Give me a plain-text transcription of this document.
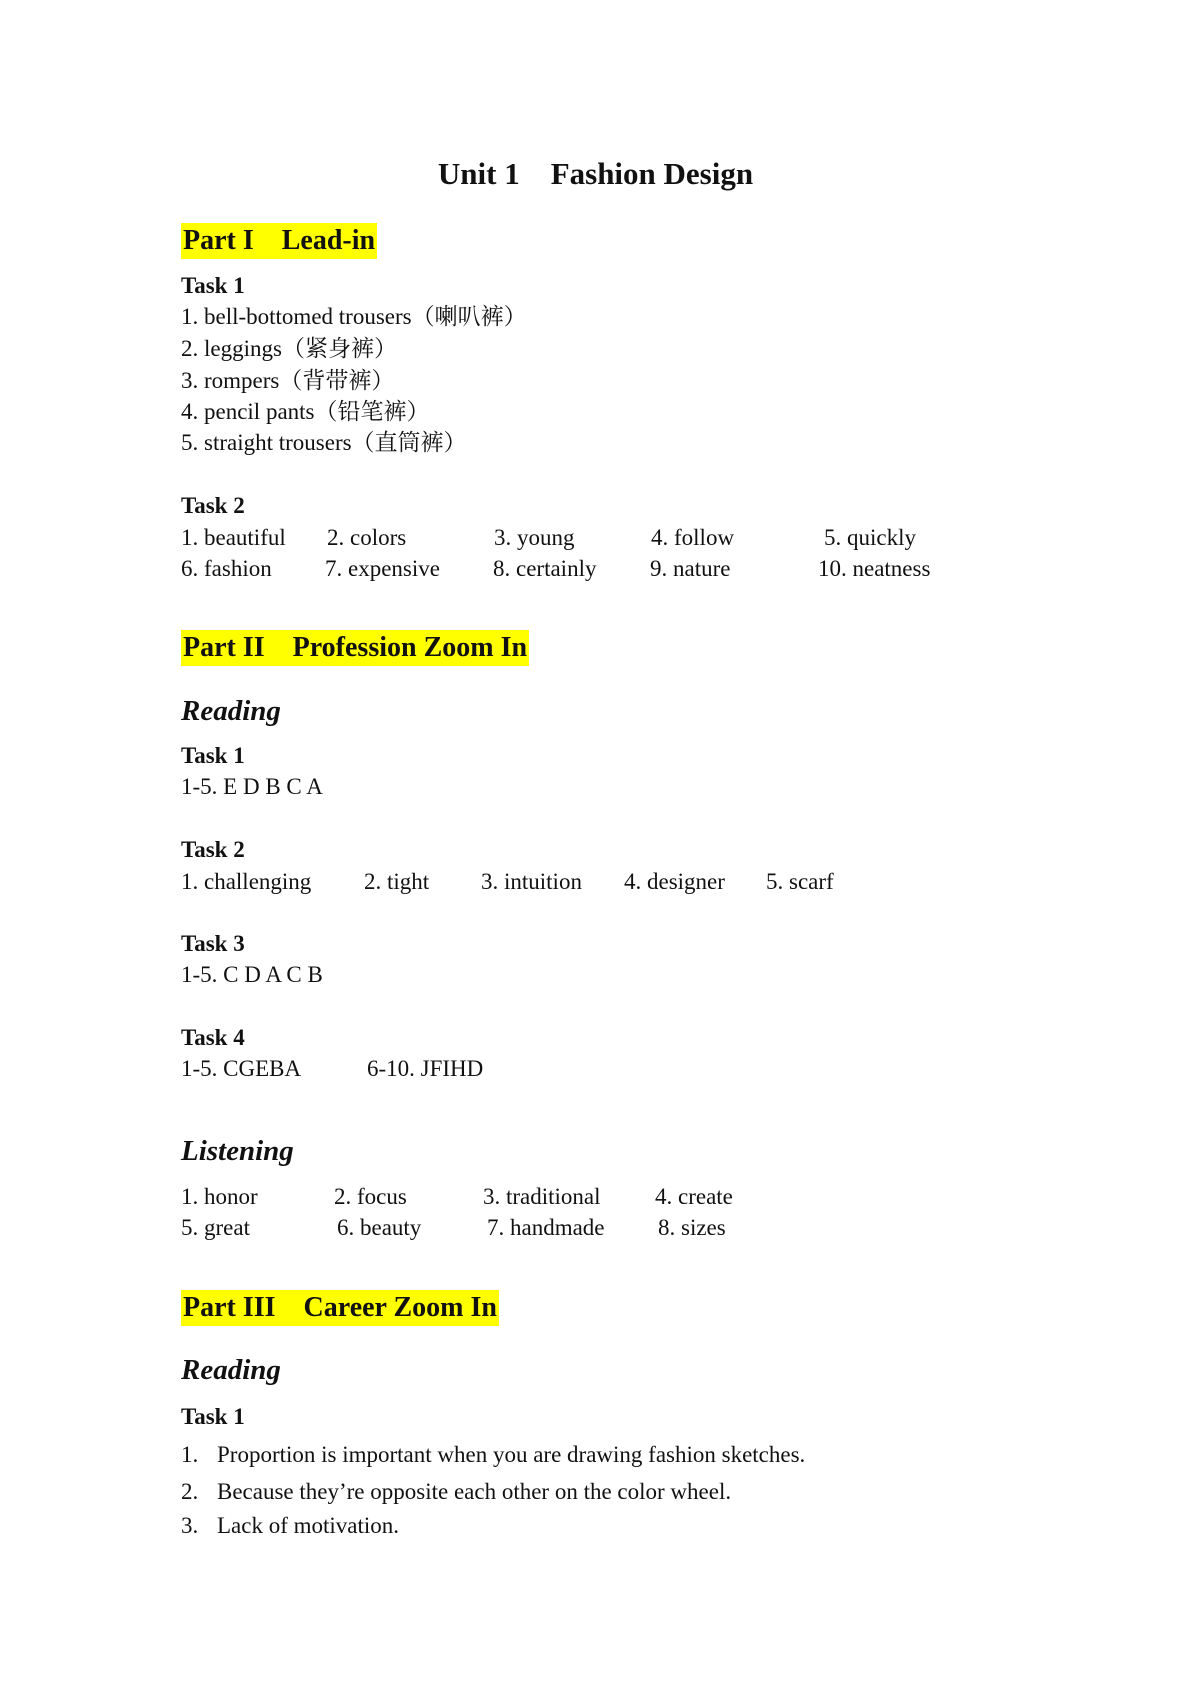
Unit 1    Fashion Design
Part I    Lead-in
Task 1
1. bell-bottomed trousers（喇叭裤）
2. leggings（紧身裤）
3. rompers（背带裤）
4. pencil pants（铅笔裤）
5. straight trousers（直筒裤）
Task 2
1. beautiful 2. colors	3. young	4. follow	5. quickly
6. fashion 7. expensive 8. certainly 9. nature	10. neatness
Part II    Profession Zoom In
Reading
Task 1
1-5. E D B C A
Task 2
1. challenging 2. tight 3. intuition 4. designer 5. scarf
Task 3
1-5. C D A C B
Task 4
1-5. CGEBA	6-10. JFIHD
Listening
1. honor	2. focus	3. traditional 4. create
5. great	6. beauty	7. handmade 8. sizes
Part III    Career Zoom In
Reading
Task 1
1. Proportion is important when you are drawing fashion sketches.
2. Because they’re opposite each other on the color wheel.
3. Lack of motivation.
